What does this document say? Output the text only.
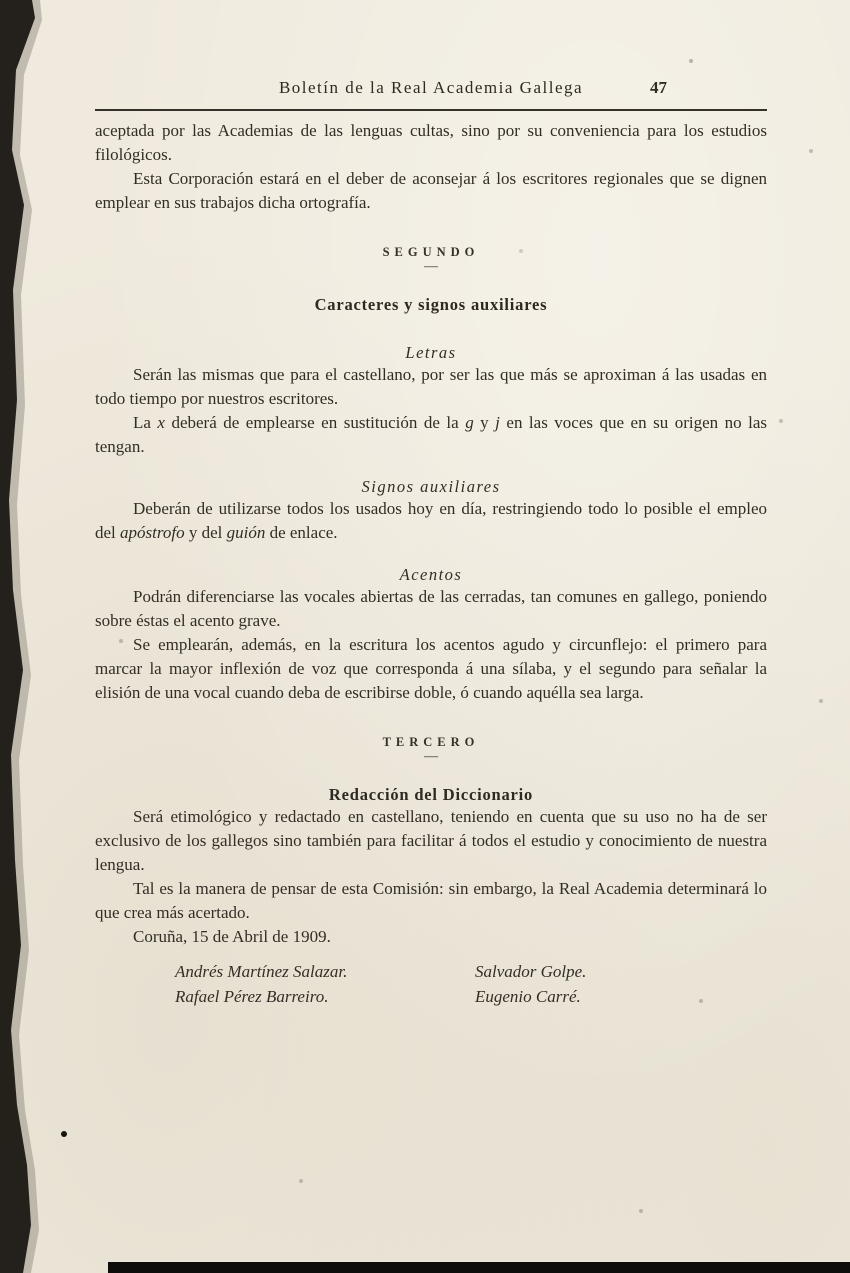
Boletín de la Real Academia Gallega	47

aceptada por las Academias de las lenguas cultas, sino por su conveniencia para los estudios filológicos.

Esta Corporación estará en el deber de aconsejar á los escritores regionales que se dignen emplear en sus trabajos dicha ortografía.

SEGUNDO
—
Caracteres y signos auxiliares
Letras

Serán las mismas que para el castellano, por ser las que más se aproximan á las usadas en todo tiempo por nuestros escritores.

La x deberá de emplearse en sustitución de la g y j en las voces que en su origen no las tengan.

Signos auxiliares

Deberán de utilizarse todos los usados hoy en día, restringiendo todo lo posible el empleo del apóstrofo y del guión de enlace.

Acentos

Podrán diferenciarse las vocales abiertas de las cerradas, tan comunes en gallego, poniendo sobre éstas el acento grave.

Se emplearán, además, en la escritura los acentos agudo y circunflejo: el primero para marcar la mayor inflexión de voz que corresponda á una sílaba, y el segundo para señalar la elisión de una vocal cuando deba de escribirse doble, ó cuando aquélla sea larga.

TERCERO
—
Redacción del Diccionario

Será etimológico y redactado en castellano, teniendo en cuenta que su uso no ha de ser exclusivo de los gallegos sino también para facilitar á todos el estudio y conocimiento de nuestra lengua.

Tal es la manera de pensar de esta Comisión: sin embargo, la Real Academia determinará lo que crea más acertado.

Coruña, 15 de Abril de 1909.

Andrés Martínez Salazar.
Rafael Pérez Barreiro.
Salvador Golpe.
Eugenio Carré.
